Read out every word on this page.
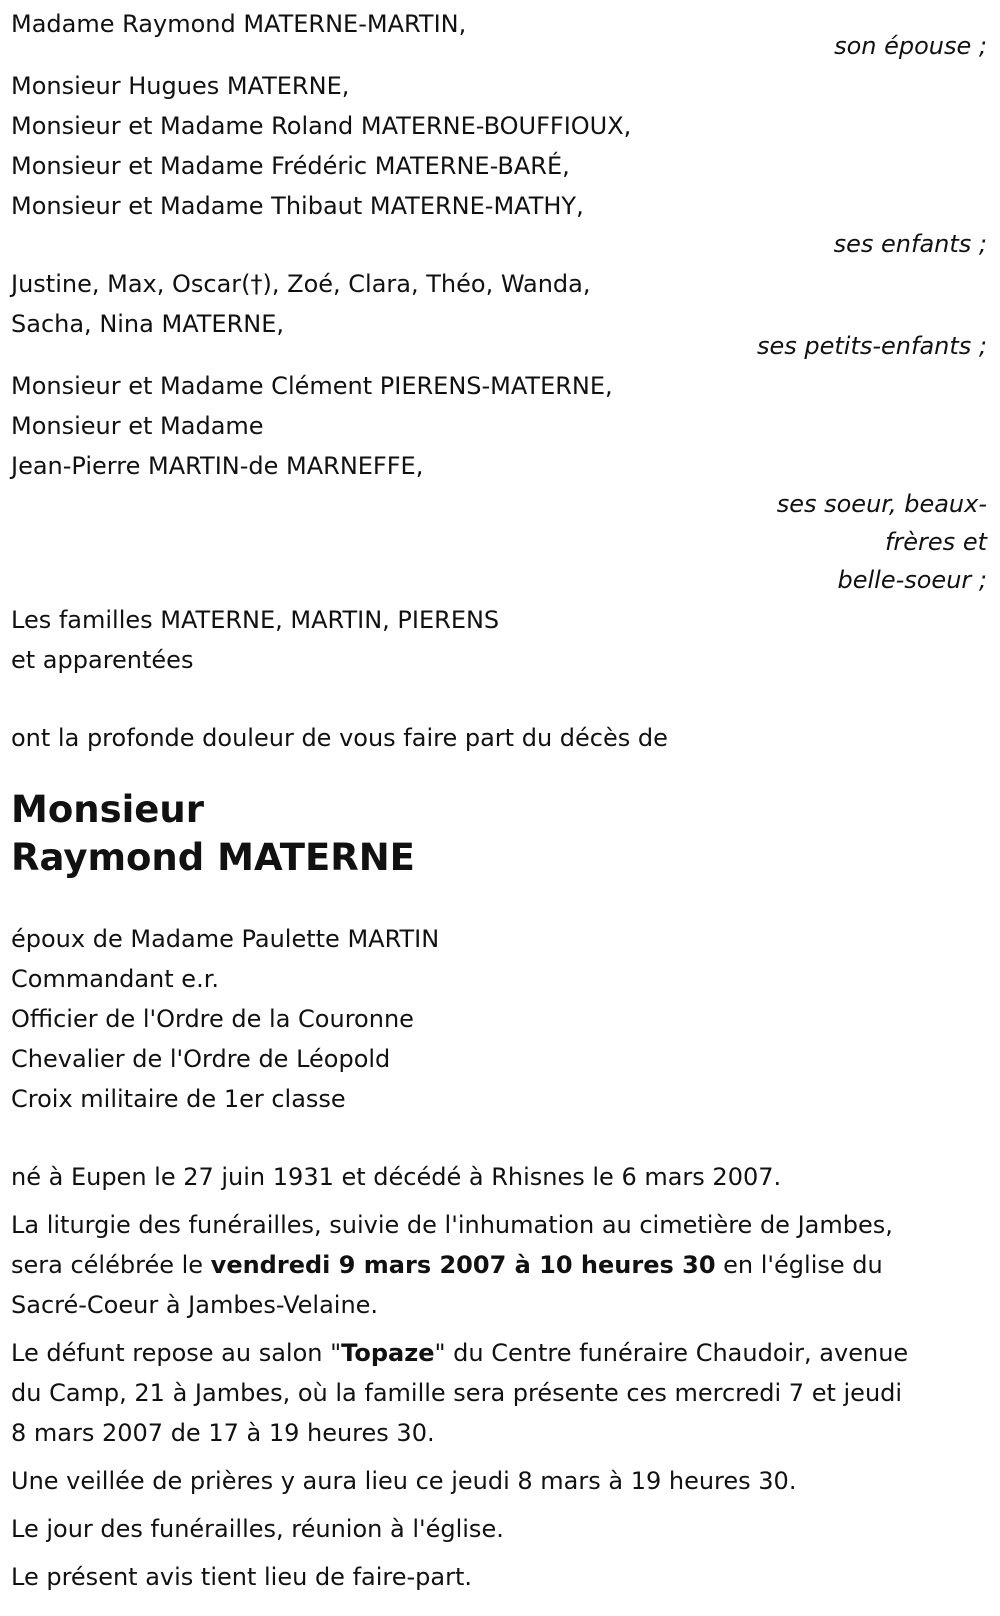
Madame Raymond MATERNE-MARTIN,
son épouse ;
Monsieur Hugues MATERNE,
Monsieur et Madame Roland MATERNE-BOUFFIOUX,
Monsieur et Madame Frédéric MATERNE-BARÉ,
Monsieur et Madame Thibaut MATERNE-MATHY,
ses enfants ;
Justine, Max, Oscar(†), Zoé, Clara, Théo, Wanda,
Sacha, Nina MATERNE,
ses petits-enfants ;
Monsieur et Madame Clément PIERENS-MATERNE,
Monsieur et Madame
Jean-Pierre MARTIN-de MARNEFFE,
ses soeur, beaux-
frères et
belle-soeur ;
Les familles MATERNE, MARTIN, PIERENS
et apparentées
ont la profonde douleur de vous faire part du décès de
Monsieur
Raymond MATERNE
époux de Madame Paulette MARTIN
Commandant e.r.
Officier de l'Ordre de la Couronne
Chevalier de l'Ordre de Léopold
Croix militaire de 1er classe
né à Eupen le 27 juin 1931 et décédé à Rhisnes le 6 mars 2007.
La liturgie des funérailles, suivie de l'inhumation au cimetière de Jambes,
sera célébrée le vendredi 9 mars 2007 à 10 heures 30 en l'église du
Sacré-Coeur à Jambes-Velaine.
Le défunt repose au salon "Topaze" du Centre funéraire Chaudoir, avenue
du Camp, 21 à Jambes, où la famille sera présente ces mercredi 7 et jeudi
8 mars 2007 de 17 à 19 heures 30.
Une veillée de prières y aura lieu ce jeudi 8 mars à 19 heures 30.
Le jour des funérailles, réunion à l'église.
Le présent avis tient lieu de faire-part.
